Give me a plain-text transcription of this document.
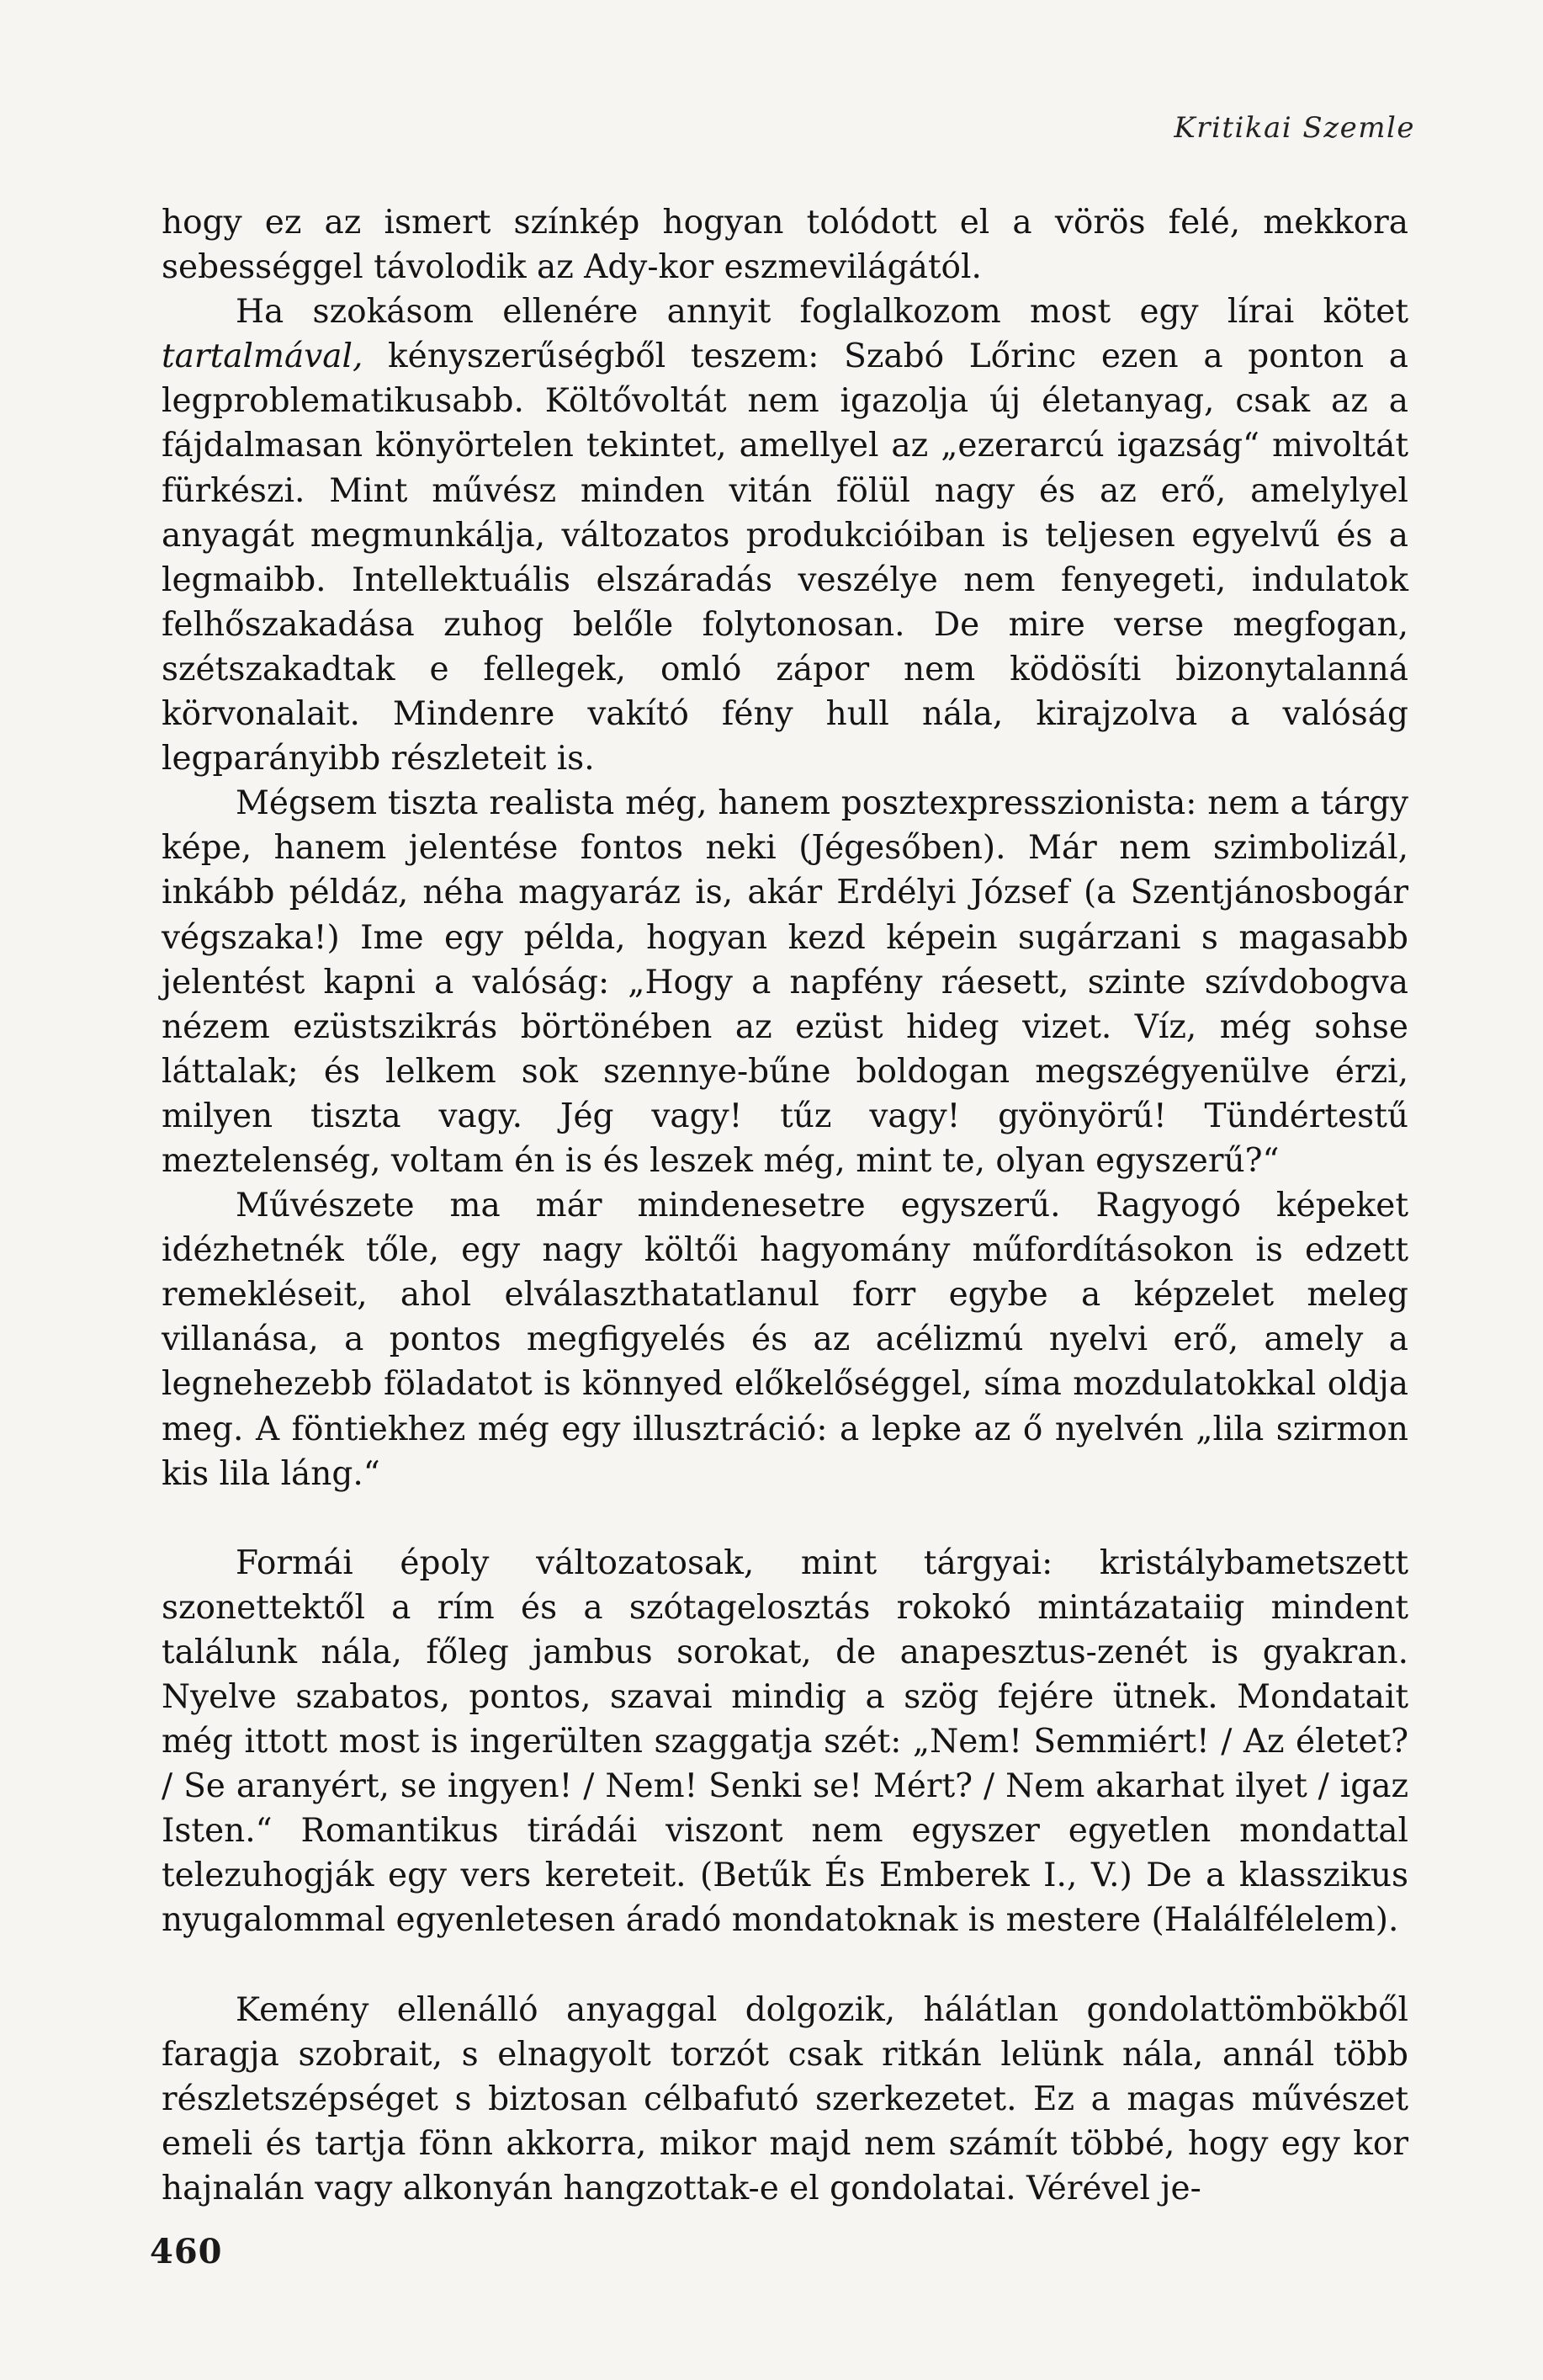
Kritikai Szemle

hogy ez az ismert színkép hogyan tolódott el a vörös felé, mekkora sebességgel távolodik az Ady-kor eszmevilágától.

Ha szokásom ellenére annyit foglalkozom most egy lírai kötet tartalmával, kényszerűségből teszem: Szabó Lőrinc ezen a ponton a legproblematikusabb. Költővoltát nem igazolja új életanyag, csak az a fájdalmasan könyörtelen tekintet, amellyel az „ezerarcú igazság“ mivoltát fürkészi. Mint művész minden vitán fölül nagy és az erő, amelylyel anyagát megmunkálja, változatos produkcióiban is teljesen egyelvű és a legmaibb. Intellektuális elszáradás veszélye nem fenyegeti, indulatok felhőszakadása zuhog belőle folytonosan. De mire verse megfogan, szétszakadtak e fellegek, omló zápor nem ködösíti bizonytalanná körvonalait. Mindenre vakító fény hull nála, kirajzolva a valóság legparányibb részleteit is.

Mégsem tiszta realista még, hanem posztexpresszionista: nem a tárgy képe, hanem jelentése fontos neki (Jégesőben). Már nem szimbolizál, inkább példáz, néha magyaráz is, akár Erdélyi József (a Szentjánosbogár végszaka!) Ime egy példa, hogyan kezd képein sugárzani s magasabb jelentést kapni a valóság: „Hogy a napfény ráesett, szinte szívdobogva nézem ezüstszikrás börtönében az ezüst hideg vizet. Víz, még sohse láttalak; és lelkem sok szennye-bűne boldogan megszégyenülve érzi, milyen tiszta vagy. Jég vagy! tűz vagy! gyönyörű! Tündértestű meztelenség, voltam én is és leszek még, mint te, olyan egyszerű?“

Művészete ma már mindenesetre egyszerű. Ragyogó képeket idézhetnék tőle, egy nagy költői hagyomány műfordításokon is edzett remekléseit, ahol elválaszthatatlanul forr egybe a képzelet meleg villanása, a pontos megfigyelés és az acélizmú nyelvi erő, amely a legnehezebb föladatot is könnyed előkelőséggel, síma mozdulatokkal oldja meg. A föntiekhez még egy illusztráció: a lepke az ő nyelvén „lila szirmon kis lila láng.“

Formái époly változatosak, mint tárgyai: kristálybametszett szonettektől a rím és a szótagelosztás rokokó mintázataiig mindent találunk nála, főleg jambus sorokat, de anapesztus-zenét is gyakran. Nyelve szabatos, pontos, szavai mindig a szög fejére ütnek. Mondatait még ittott most is ingerülten szaggatja szét: „Nem! Semmiért! / Az életet? / Se aranyért, se ingyen! / Nem! Senki se! Mért? / Nem akarhat ilyet / igaz Isten.“ Romantikus tirádái viszont nem egyszer egyetlen mondattal telezuhogják egy vers kereteit. (Betűk És Emberek I., V.) De a klasszikus nyugalommal egyenletesen áradó mondatoknak is mestere (Halálfélelem).

Kemény ellenálló anyaggal dolgozik, hálátlan gondolattömbökből faragja szobrait, s elnagyolt torzót csak ritkán lelünk nála, annál több részletszépséget s biztosan célbafutó szerkezetet. Ez a magas művészet emeli és tartja fönn akkorra, mikor majd nem számít többé, hogy egy kor hajnalán vagy alkonyán hangzottak-e el gondolatai. Vérével je-

460
